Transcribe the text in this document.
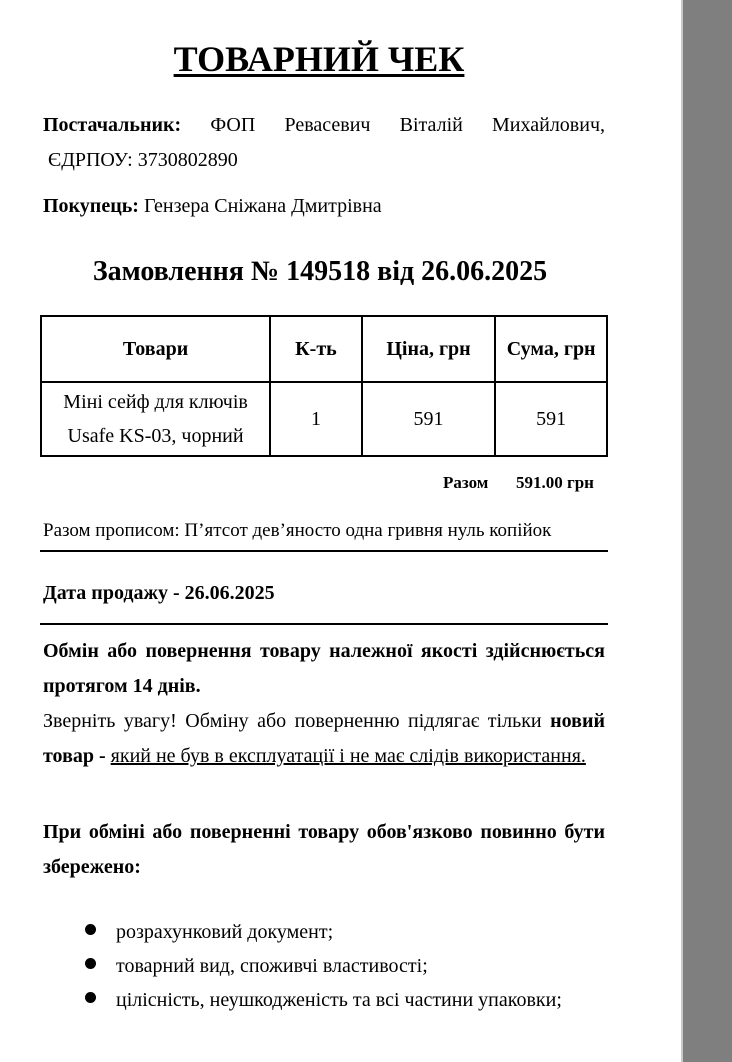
ТОВАРНИЙ ЧЕК
Постачальник: ФОП Ревасевич Віталій Михайлович,
ЄДРПОУ: 3730802890
Покупець: Гензера Сніжана Дмитрівна
Замовлення № 149518 від 26.06.2025
Товари	К-ть	Ціна, грн	Сума, грн

Міні сейф для ключів
Usafe KS-03, чорний	1	591	591
Разом 591.00 грн
Разом прописом: П’ятсот дев’яносто одна гривня нуль копійок
Дата продажу - 26.06.2025
Обмін або повернення товару належної якості здійснюється протягом 14 днів.
Зверніть увагу! Обміну або поверненню підлягає тільки новий товар - який не був в експлуатації і не має слідів використання.
При обміні або поверненні товару обов'язково повинно бути збережено:
розрахунковий документ;
товарний вид, споживчі властивості;
цілісність, неушкодженість та всі частини упаковки;
